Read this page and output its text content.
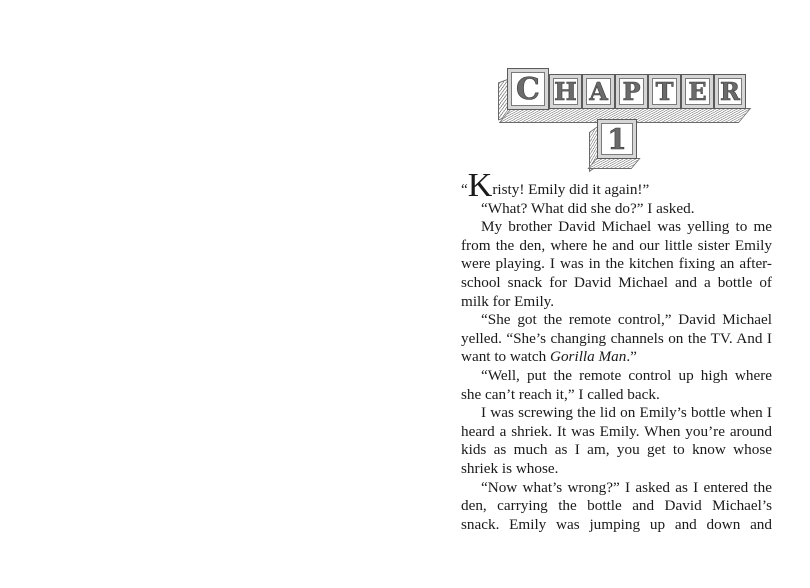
C H A P T E R
1

“Kristy! Emily did it again!”

“What? What did she do?” I asked.

My brother David Michael was yelling to me from the den, where he and our little sister Emily were playing. I was in the kitchen fixing an after-school snack for David Michael and a bottle of milk for Emily.

“She got the remote control,” David Michael yelled. “She’s changing channels on the TV. And I want to watch Gorilla Man.”

“Well, put the remote control up high where she can’t reach it,” I called back.

I was screwing the lid on Emily’s bottle when I heard a shriek. It was Emily. When you’re around kids as much as I am, you get to know whose shriek is whose.

“Now what’s wrong?” I asked as I entered the den, carrying the bottle and David Michael’s snack. Emily was jumping up and down and
